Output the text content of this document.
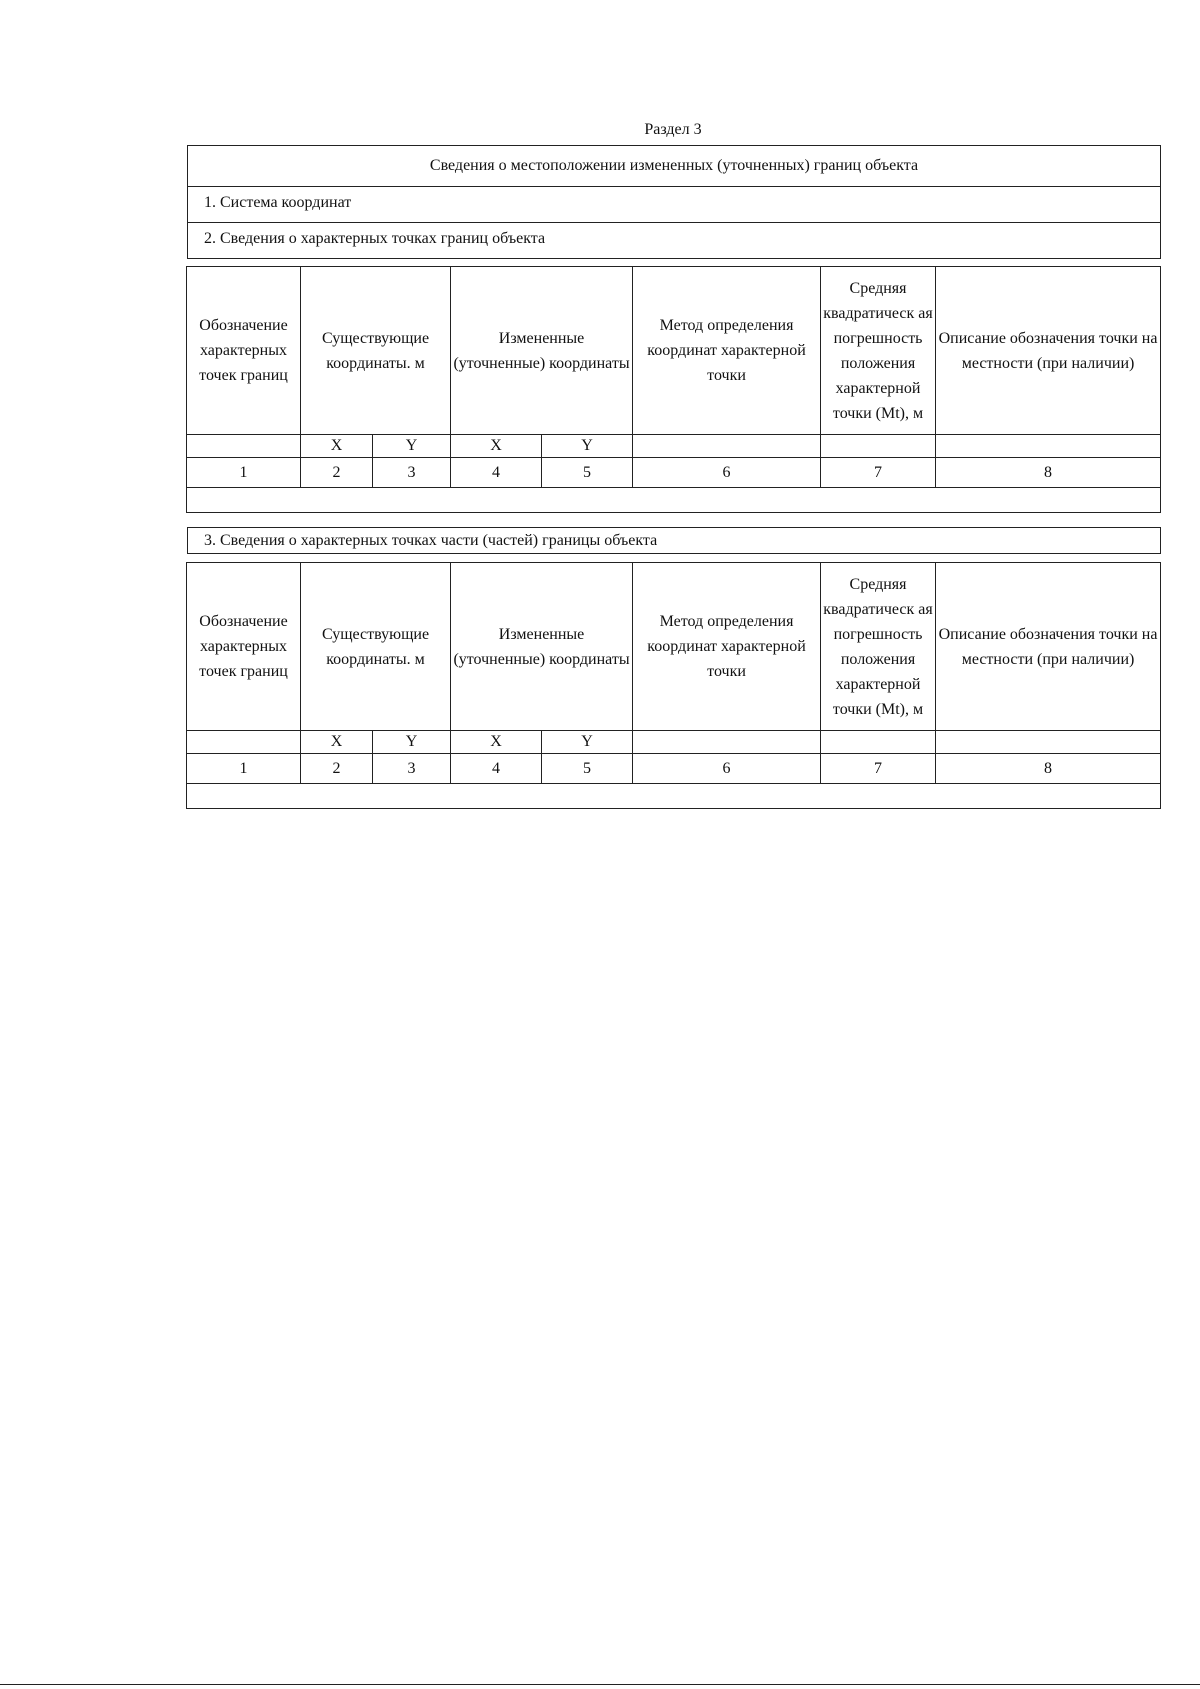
Раздел 3
Сведения о местоположении измененных (уточненных) границ объекта
1. Система координат
2. Сведения о характерных точках границ объекта
Обозначение характерных точек границ	Существующие координаты. м		Измененные (уточненные) координаты		Метод определения координат характерной точки	Средняя квадратическ ая погрешность положения характерной точки (Mt), м	Описание обозначения точки на местности (при наличии)
	X	Y	X	Y			
1	2	3	4	5	6	7	8

3. Сведения о характерных точках части (частей) границы объекта
Обозначение характерных точек границ	Существующие координаты. м		Измененные (уточненные) координаты		Метод определения координат характерной точки	Средняя квадратическ ая погрешность положения характерной точки (Mt), м	Описание обозначения точки на местности (при наличии)
	X	Y	X	Y			
1	2	3	4	5	6	7	8
